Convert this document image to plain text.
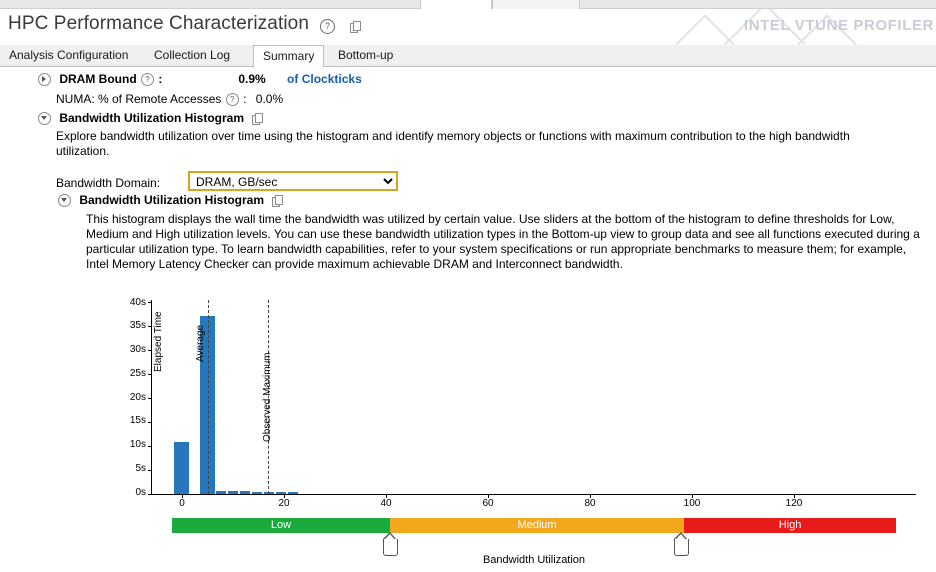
HPC Performance Characterization	?	INTEL VTUNE PROFILER
Analysis Configuration	Collection Log	Summary	Bottom-up
DRAM Bound ? :	0.9% of Clockticks
NUMA: % of Remote Accesses ? : 0.0%
Bandwidth Utilization Histogram
Explore bandwidth utilization over time using the histogram and identify memory objects or functions with maximum contribution to the high bandwidth utilization.
Bandwidth Domain:
DRAM, GB/sec
Bandwidth Utilization Histogram
This histogram displays the wall time the bandwidth was utilized by certain value. Use sliders at the bottom of the histogram to define thresholds for Low, Medium and High utilization levels. You can use these bandwidth utilization types in the Bottom-up view to group data and see all functions executed during a particular utilization type. To learn bandwidth capabilities, refer to your system specifications or run appropriate benchmarks to measure them; for example, Intel Memory Latency Checker can provide maximum achievable DRAM and Interconnect bandwidth.
40s
35s
30s
25s
20s
15s
10s
5s
0s
Elapsed Time	Average
Observed Maximum
0	20	40	60	80	100	120
Low	Medium	High
Bandwidth Utilization
